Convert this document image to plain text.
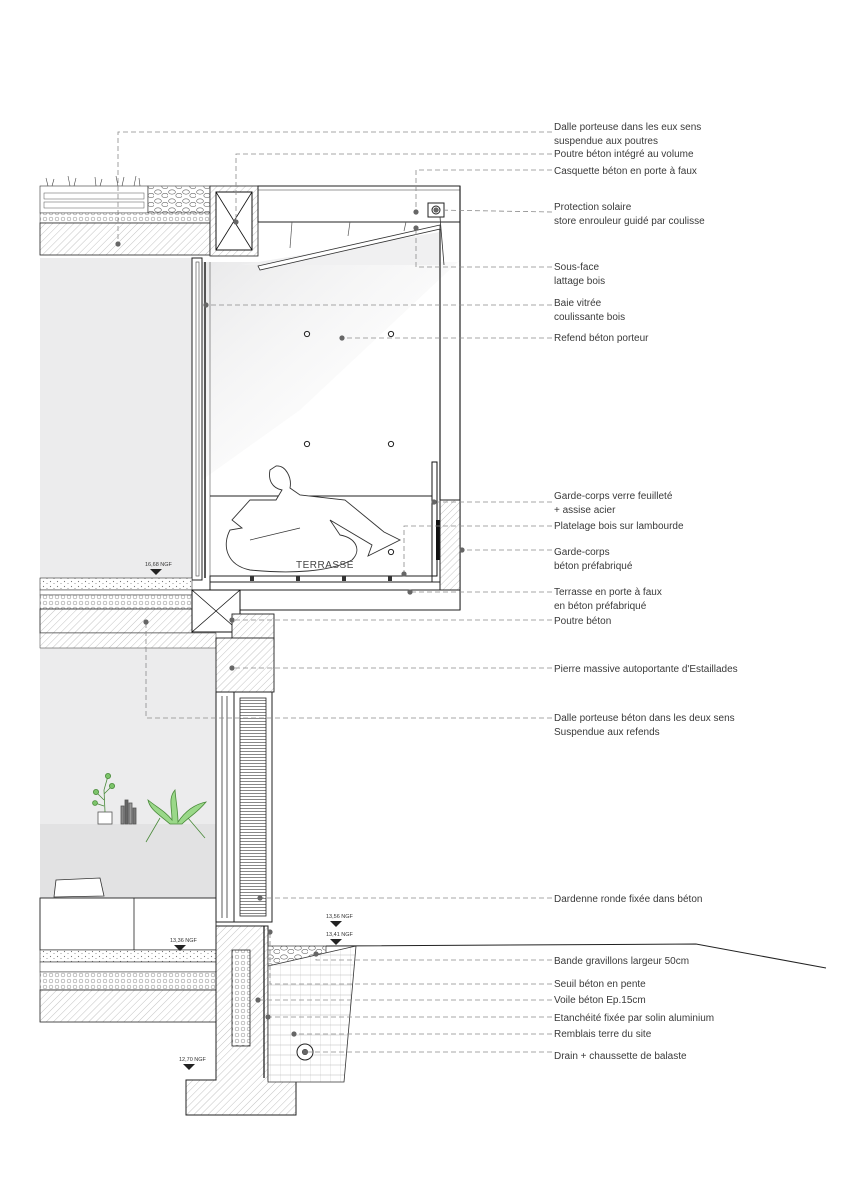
16,68 NGF
13,56 NGF
13,41 NGF
13,36 NGF
12,70 NGF
TERRASSE
Dalle porteuse dans les eux sens
suspendue aux poutres
Poutre béton intégré au volume
Casquette béton en porte à faux
Protection solaire
store enrouleur guidé par coulisse
Sous-face
lattage bois
Baie vitrée
coulissante bois
Refend béton porteur
Garde-corps verre feuilleté
+ assise acier
Platelage bois sur lambourde
Garde-corps
béton préfabriqué
Terrasse en porte à faux
en béton préfabriqué
Poutre béton
Pierre massive autoportante d'Estaillades
Dalle porteuse béton dans les deux sens
Suspendue aux refends
Dardenne ronde fixée dans béton
Bande gravillons largeur 50cm
Seuil béton en pente
Voile béton Ep.15cm
Etanchéité fixée par solin aluminium
Remblais terre du site
Drain + chaussette de balaste
